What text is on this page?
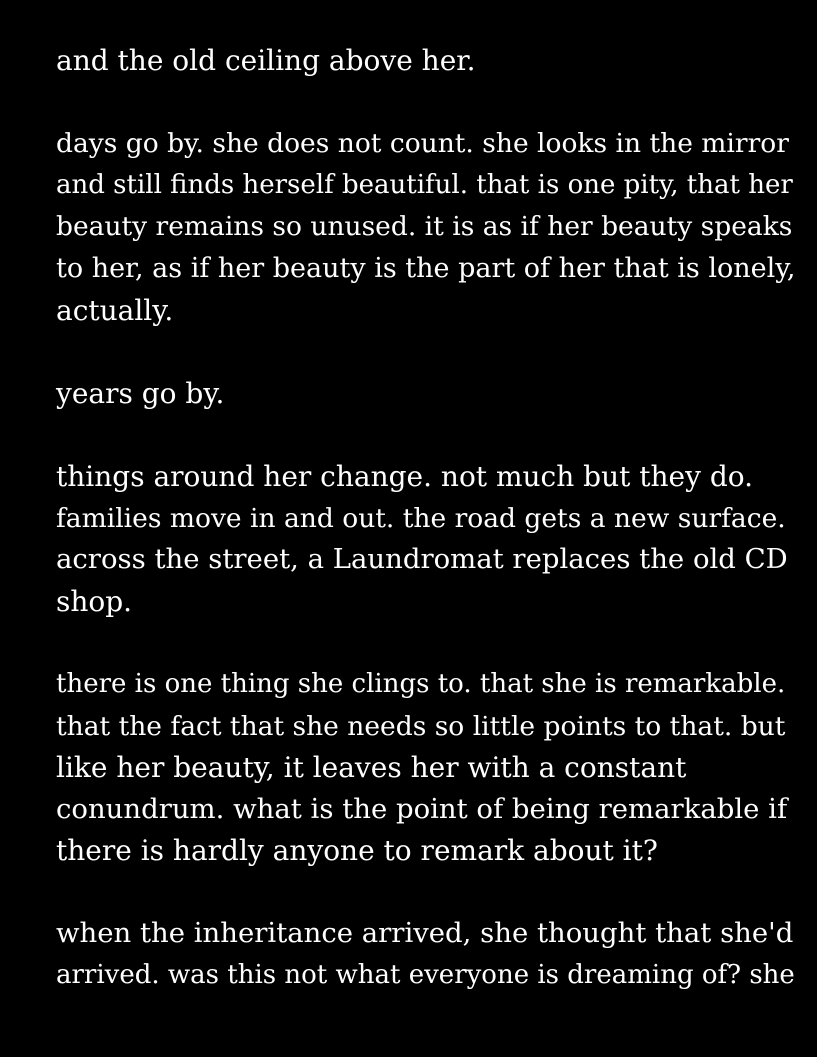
and the old ceiling above her.
days go by. she does not count. she looks in the mirror
and still finds herself beautiful. that is one pity, that her
beauty remains so unused. it is as if her beauty speaks
to her, as if her beauty is the part of her that is lonely,
actually.
years go by.
things around her change. not much but they do.
families move in and out. the road gets a new surface.
across the street, a Laundromat replaces the old CD
shop.
there is one thing she clings to. that she is remarkable.
that the fact that she needs so little points to that. but
like her beauty, it leaves her with a constant
conundrum. what is the point of being remarkable if
there is hardly anyone to remark about it?
when the inheritance arrived, she thought that she'd
arrived. was this not what everyone is dreaming of? she
